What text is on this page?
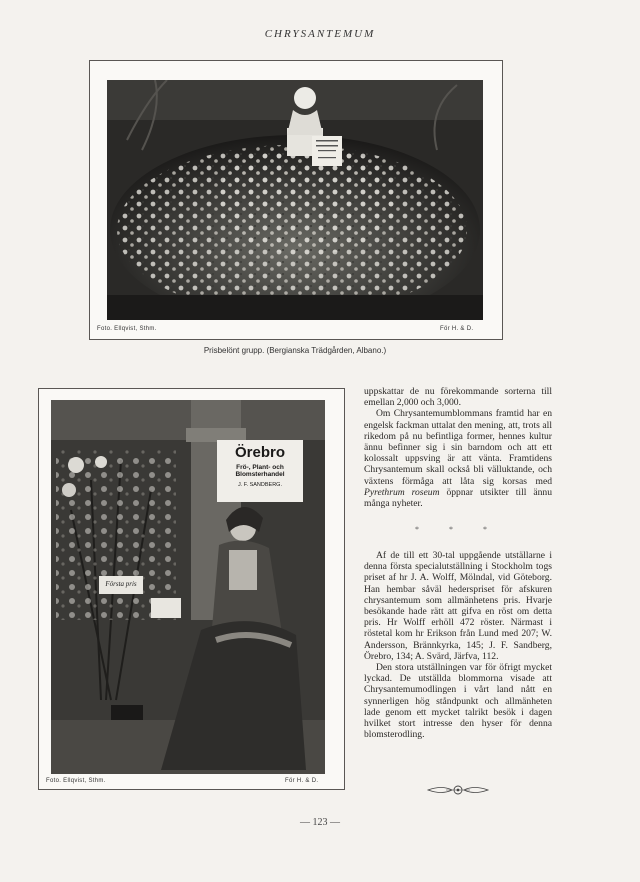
CHRYSANTEMUM
Foto. Ellqvist, Sthm.	För H. & D.
Prisbelönt grupp. (Bergianska Trädgården, Albano.)
Örebro
Frö-, Plant- och Blomsterhandel
J. F. SANDBERG.
Första pris
Foto. Ellqvist, Sthm.	För H. & D.

uppskattar de nu förekommande sorterna till emellan 2,000 och 3,000.

Om Chrysantemumblommans framtid har en engelsk fackman uttalat den mening, att, trots all rikedom på nu befintliga former, hennes kultur ännu befinner sig i sin barndom och att ett kolossalt uppsving är att vänta. Framtidens Chrysantemum skall också bli välluktande, och växtens förmåga att låta sig korsas med Pyrethrum roseum öppnar utsikter till ännu många nyheter.

* * *

Af de till ett 30-tal uppgående utställarne i denna första specialutställning i Stockholm togs priset af hr J. A. Wolff, Mölndal, vid Göteborg. Han hembar såväl hederspriset för afskuren chrysantemum som allmänhetens pris. Hvarje besökande hade rätt att gifva en röst om detta pris. Hr Wolff erhöll 472 röster. Närmast i röstetal kom hr Erikson från Lund med 207; W. Andersson, Brännkyrka, 145; J. F. Sandberg, Örebro, 134; A. Svärd, Järfva, 112.

Den stora utställningen var för öfrigt mycket lyckad. De utställda blommorna visade att Chrysantemumodlingen i vårt land nått en synnerligen hög ståndpunkt och allmänheten lade genom ett mycket talrikt besök i dagen hvilket stort intresse den hyser för denna blomsterodling.

— 123 —
